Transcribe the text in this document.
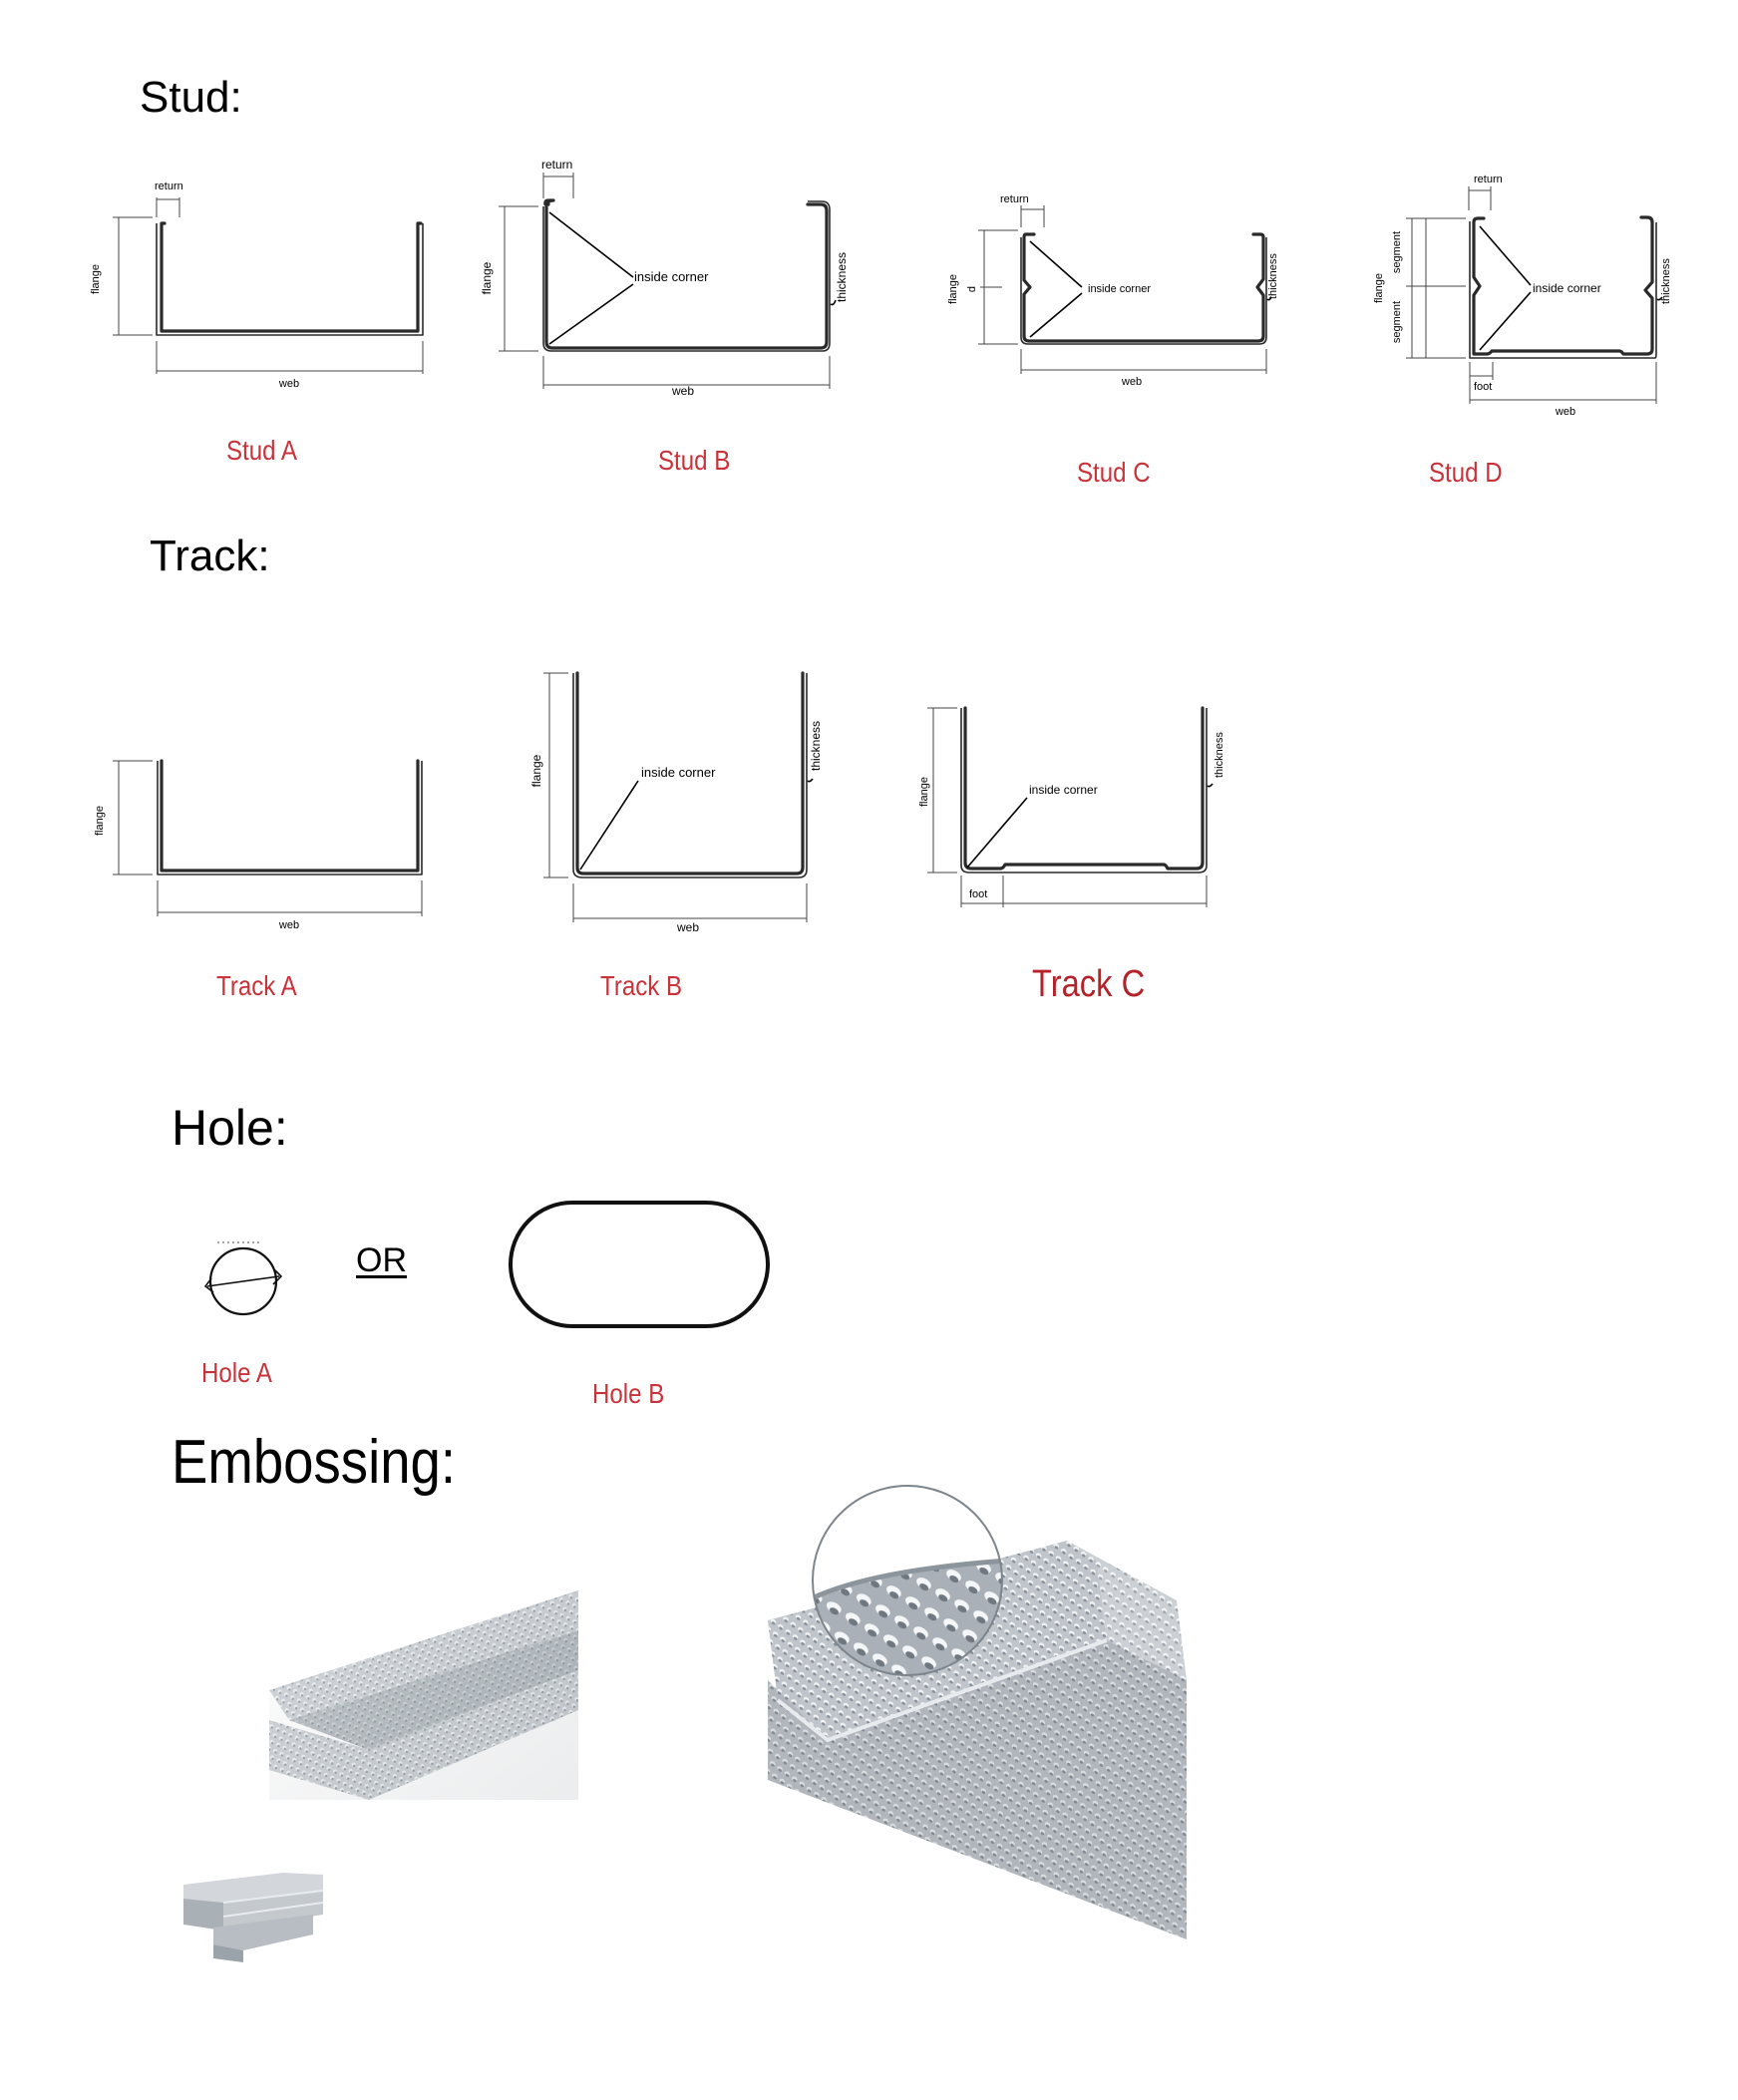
Stud:
Track:
Hole:
Embossing:
return
flange
web
Stud A
return
flange	inside corner	thickness
web
Stud B
return
flange d	inside corner	thickness
web
Stud C
return
flange
segment
segment
inside corner	thickness
foot
web
Stud D
flange
web
Track A
flange	inside corner
thickness
web
Track B
flange	inside corner
thickness
foot
Track C
OR
Hole A
Hole B
